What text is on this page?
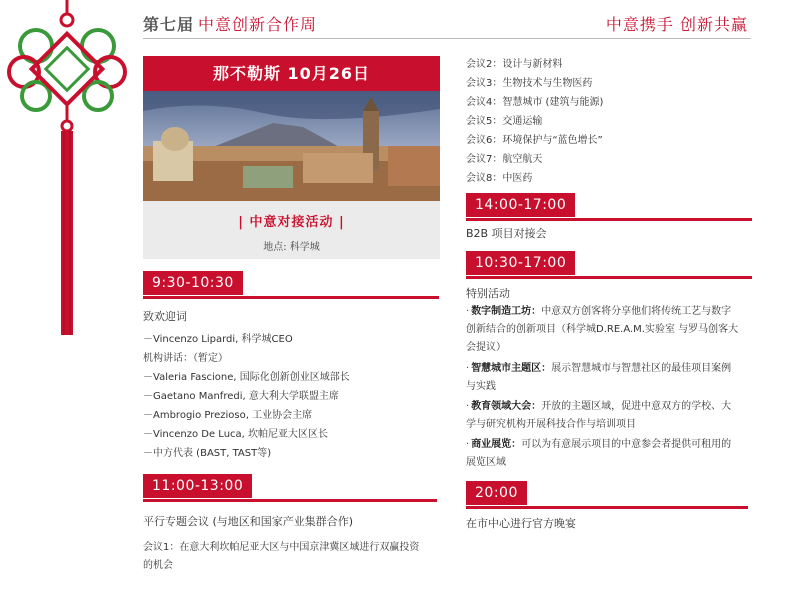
第七届 中意创新合作周	中意携手 创新共赢
那不勒斯 10月26日
| 中意对接活动 |
地点: 科学城
9:30-10:30
致欢迎词
－Vincenzo Lipardi, 科学城CEO
机构讲话：（暂定）
－Valeria Fascione, 国际化创新创业区域部长
－Gaetano Manfredi, 意大利大学联盟主席
－Ambrogio Prezioso, 工业协会主席
－Vincenzo De Luca, 坎帕尼亚大区区长
－中方代表 (BAST, TAST等)
11:00-13:00
平行专题会议 (与地区和国家产业集群合作)
会议1：在意大利坎帕尼亚大区与中国京津冀区域进行双赢投资
的机会
会议2：设计与新材料
会议3：生物技术与生物医药
会议4：智慧城市 (建筑与能源)
会议5：交通运输
会议6：环境保护与“蓝色增长”
会议7：航空航天
会议8：中医药
14:00-17:00
B2B 项目对接会
10:30-17:00
特别活动
· 数字制造工坊：中意双方创客将分享他们将传统工艺与数字
创新结合的创新项目（科学城D.RE.A.M.实验室 与罗马创客大
会提议）
· 智慧城市主题区：展示智慧城市与智慧社区的最佳项目案例
与实践
· 教育领域大会：开放的主题区域，促进中意双方的学校、大
学与研究机构开展科技合作与培训项目
· 商业展览：可以为有意展示项目的中意参会者提供可租用的
展览区域
20:00
在市中心进行官方晚宴
